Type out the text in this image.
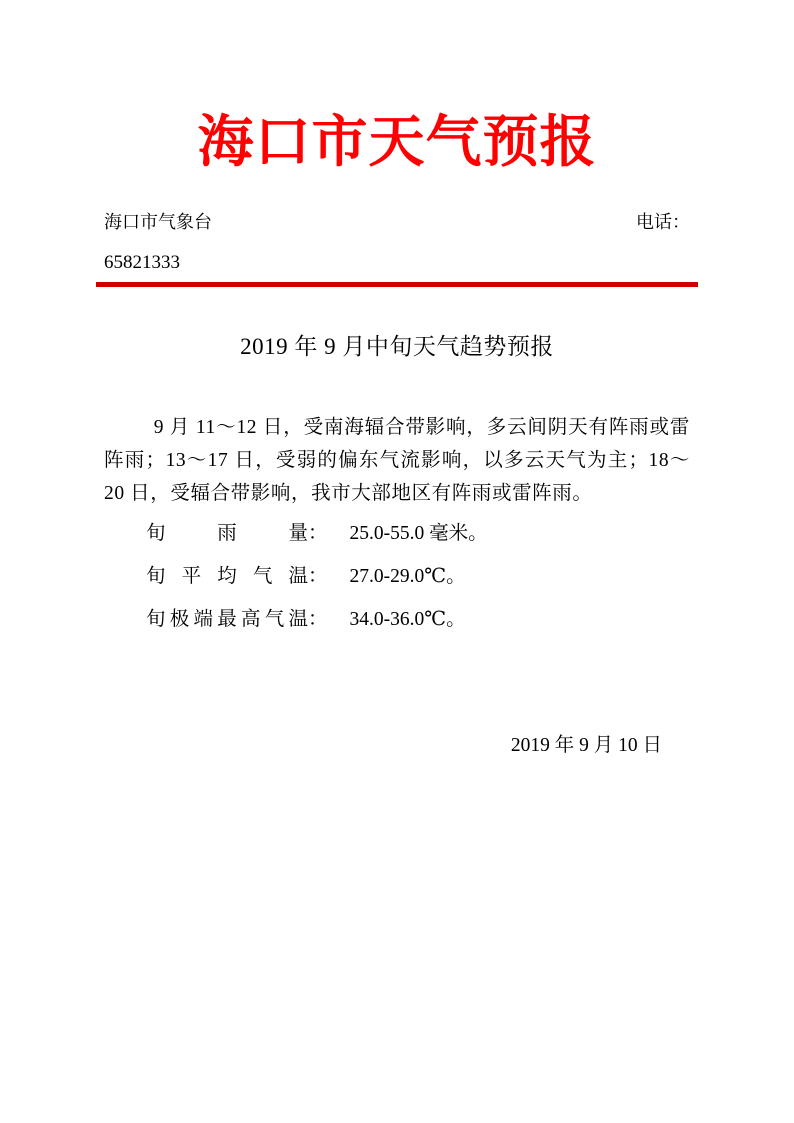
海口市天气预报
海口市气象台	电话：
65821333
2019 年 9 月中旬天气趋势预报

9 月 11～12 日，受南海辐合带影响，多云间阴天有阵雨或雷阵雨；13～17 日，受弱的偏东气流影响，以多云天气为主；18～20 日，受辐合带影响，我市大部地区有阵雨或雷阵雨。

旬雨量： 25.0-55.0 毫米。
旬平均气温： 27.0-29.0℃。
旬极端最高气温： 34.0-36.0℃。
2019 年 9 月 10 日
